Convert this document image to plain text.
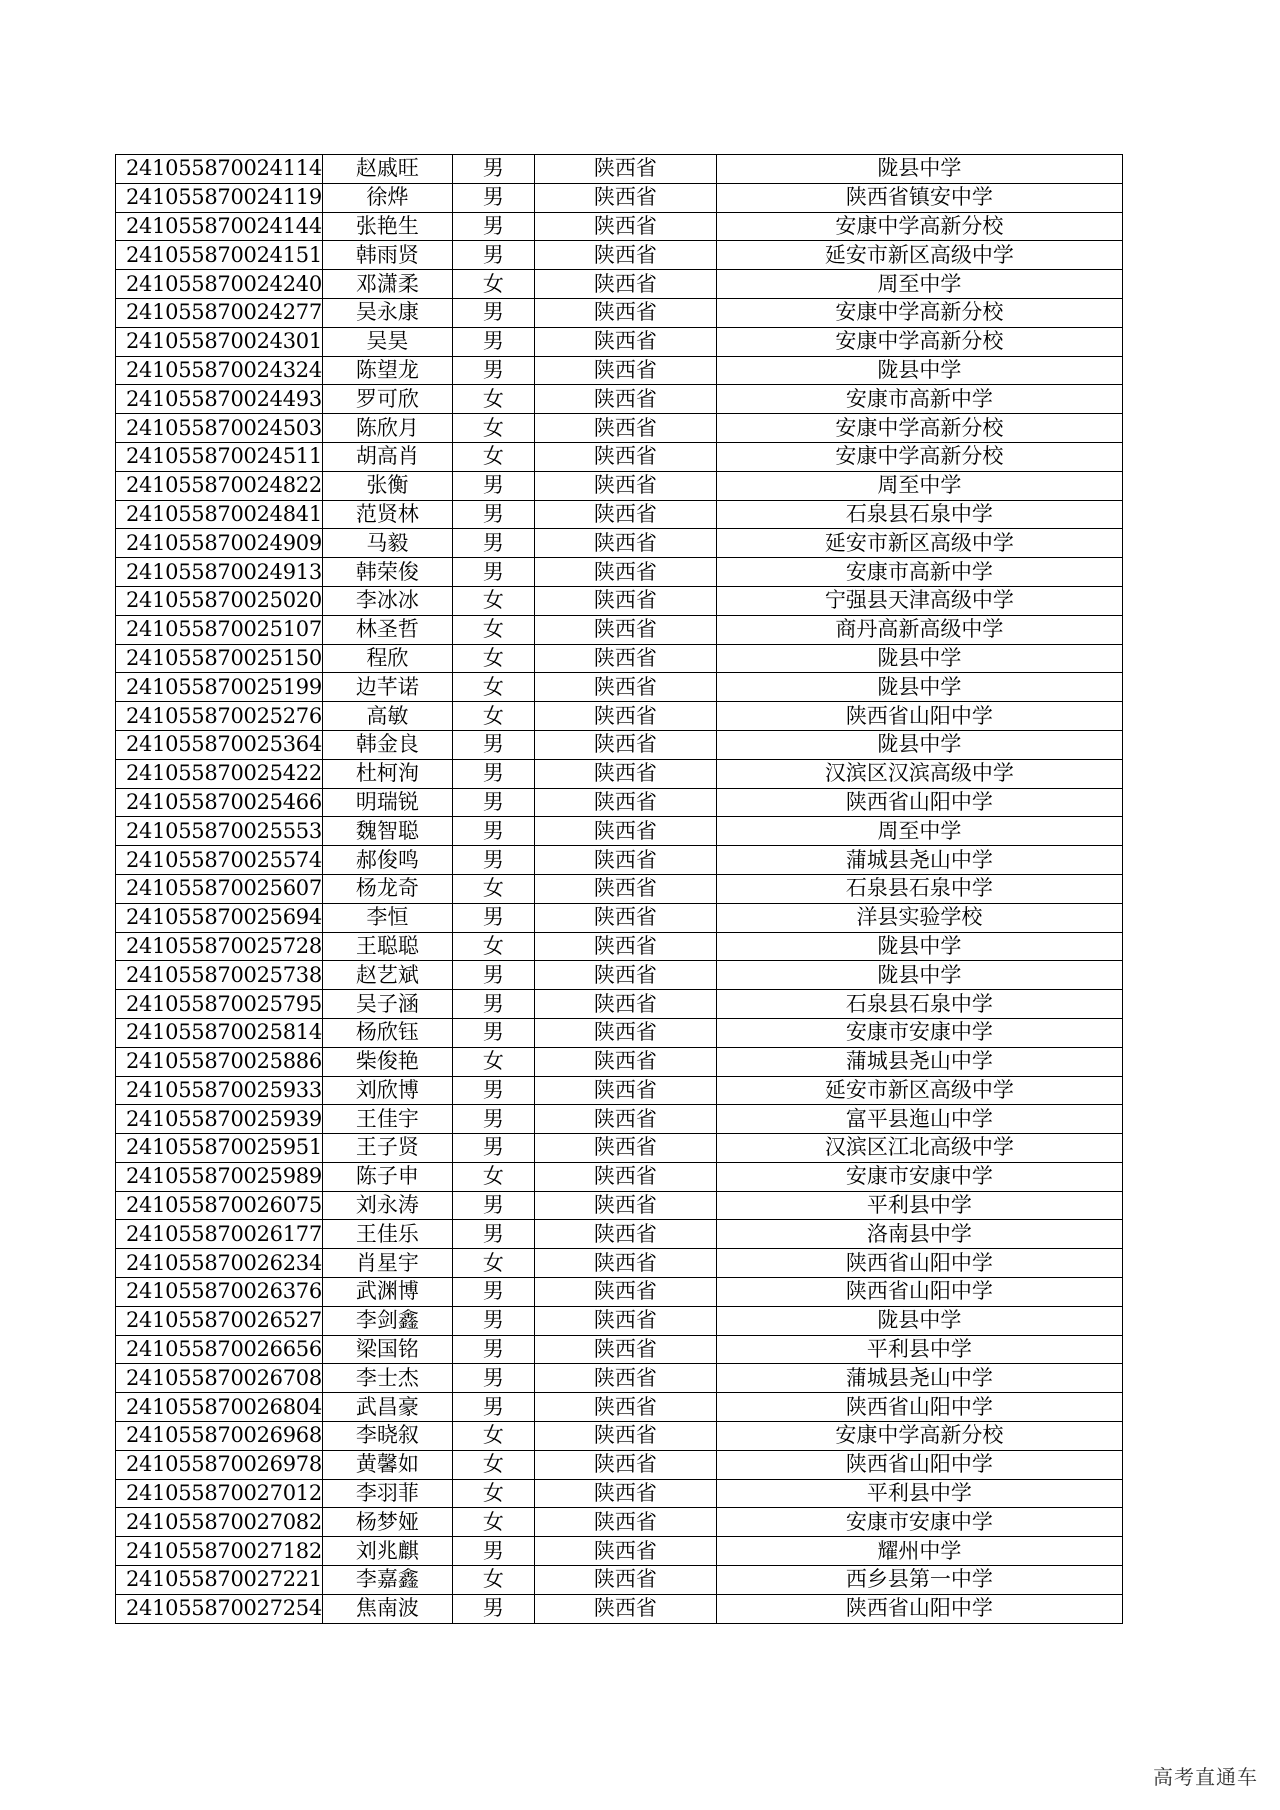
241055870024114	赵戚旺	男	陕西省	陇县中学
241055870024119	徐烨	男	陕西省	陕西省镇安中学
241055870024144	张艳生	男	陕西省	安康中学高新分校
241055870024151	韩雨贤	男	陕西省	延安市新区高级中学
241055870024240	邓潇柔	女	陕西省	周至中学
241055870024277	吴永康	男	陕西省	安康中学高新分校
241055870024301	吴昊	男	陕西省	安康中学高新分校
241055870024324	陈望龙	男	陕西省	陇县中学
241055870024493	罗可欣	女	陕西省	安康市高新中学
241055870024503	陈欣月	女	陕西省	安康中学高新分校
241055870024511	胡高肖	女	陕西省	安康中学高新分校
241055870024822	张衡	男	陕西省	周至中学
241055870024841	范贤林	男	陕西省	石泉县石泉中学
241055870024909	马毅	男	陕西省	延安市新区高级中学
241055870024913	韩荣俊	男	陕西省	安康市高新中学
241055870025020	李冰冰	女	陕西省	宁强县天津高级中学
241055870025107	林圣哲	女	陕西省	商丹高新高级中学
241055870025150	程欣	女	陕西省	陇县中学
241055870025199	边芊诺	女	陕西省	陇县中学
241055870025276	高敏	女	陕西省	陕西省山阳中学
241055870025364	韩金良	男	陕西省	陇县中学
241055870025422	杜柯洵	男	陕西省	汉滨区汉滨高级中学
241055870025466	明瑞锐	男	陕西省	陕西省山阳中学
241055870025553	魏智聪	男	陕西省	周至中学
241055870025574	郝俊鸣	男	陕西省	蒲城县尧山中学
241055870025607	杨龙奇	女	陕西省	石泉县石泉中学
241055870025694	李恒	男	陕西省	洋县实验学校
241055870025728	王聪聪	女	陕西省	陇县中学
241055870025738	赵艺斌	男	陕西省	陇县中学
241055870025795	吴子涵	男	陕西省	石泉县石泉中学
241055870025814	杨欣钰	男	陕西省	安康市安康中学
241055870025886	柴俊艳	女	陕西省	蒲城县尧山中学
241055870025933	刘欣博	男	陕西省	延安市新区高级中学
241055870025939	王佳宇	男	陕西省	富平县迤山中学
241055870025951	王子贤	男	陕西省	汉滨区江北高级中学
241055870025989	陈子申	女	陕西省	安康市安康中学
241055870026075	刘永涛	男	陕西省	平利县中学
241055870026177	王佳乐	男	陕西省	洛南县中学
241055870026234	肖星宇	女	陕西省	陕西省山阳中学
241055870026376	武渊博	男	陕西省	陕西省山阳中学
241055870026527	李剑鑫	男	陕西省	陇县中学
241055870026656	梁国铭	男	陕西省	平利县中学
241055870026708	李士杰	男	陕西省	蒲城县尧山中学
241055870026804	武昌豪	男	陕西省	陕西省山阳中学
241055870026968	李晓叙	女	陕西省	安康中学高新分校
241055870026978	黄馨如	女	陕西省	陕西省山阳中学
241055870027012	李羽菲	女	陕西省	平利县中学
241055870027082	杨梦娅	女	陕西省	安康市安康中学
241055870027182	刘兆麒	男	陕西省	耀州中学
241055870027221	李嘉鑫	女	陕西省	西乡县第一中学
241055870027254	焦南波	男	陕西省	陕西省山阳中学
高考直通车
